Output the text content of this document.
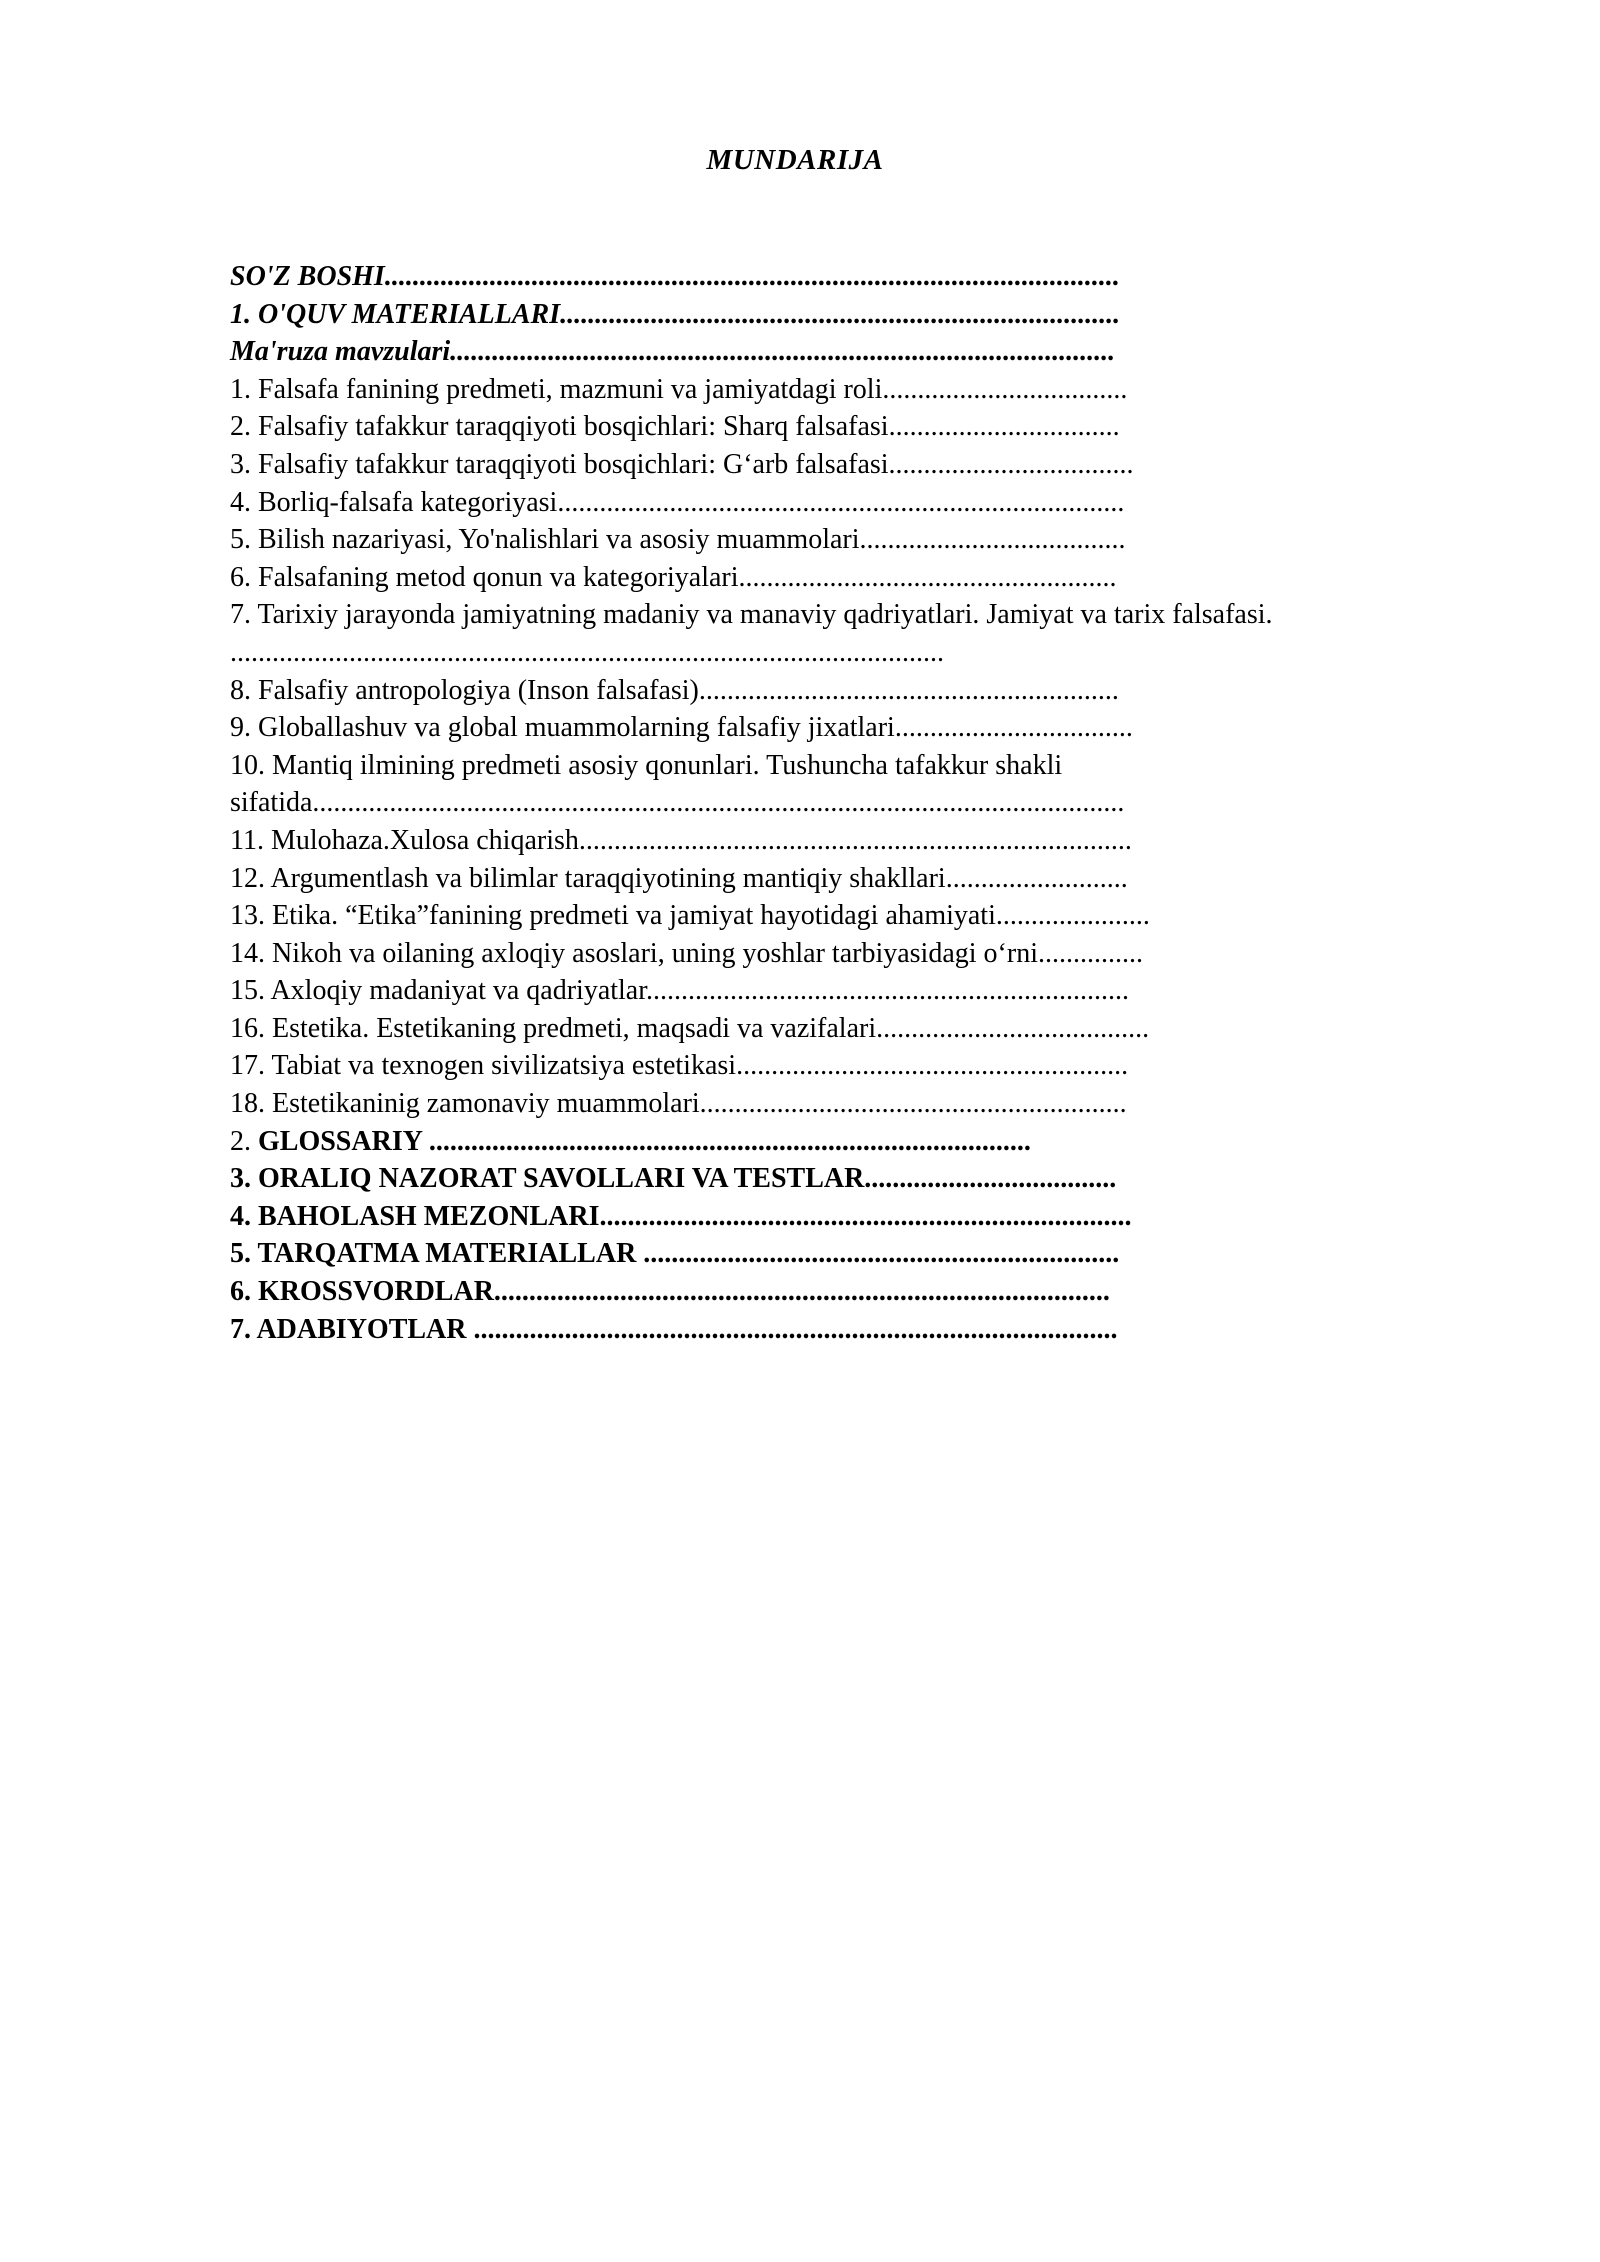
MUNDARIJA
SO'Z BOSHI.........................................................................................................
1. O'QUV MATERIALLARI................................................................................
Ma'ruza mavzulari...............................................................................................
1. Falsafa fanining predmeti, mazmuni va jamiyatdagi roli...................................
2. Falsafiy tafakkur taraqqiyoti bosqichlari: Sharq falsafasi.................................
3. Falsafiy tafakkur taraqqiyoti bosqichlari: G‘arb falsafasi...................................
4. Borliq-falsafa kategoriyasi.................................................................................
5. Bilish nazariyasi, Yo'nalishlari va asosiy muammolari......................................
6. Falsafaning metod qonun va kategoriyalari......................................................
7. Tarixiy jarayonda jamiyatning madaniy va manaviy qadriyatlari. Jamiyat va tarix falsafasi. ......................................................................................................
8. Falsafiy antropologiya (Inson falsafasi)............................................................
9. Globallashuv va global muammolarning falsafiy jixatlari..................................
10. Mantiq ilmining predmeti asosiy qonunlari. Tushuncha tafakkur shakli sifatida....................................................................................................................
11. Mulohaza.Xulosa chiqarish...............................................................................
12. Argumentlash va bilimlar taraqqiyotining mantiqiy shakllari..........................
13. Etika. “Etika”fanining predmeti va jamiyat hayotidagi ahamiyati......................
14. Nikoh va oilaning axloqiy asoslari, uning yoshlar tarbiyasidagi o‘rni...............
15. Axloqiy madaniyat va qadriyatlar.....................................................................
16. Estetika. Estetikaning predmeti, maqsadi va vazifalari.......................................
17. Tabiat va texnogen sivilizatsiya estetikasi........................................................
18. Estetikaninig zamonaviy muammolari.............................................................
2. GLOSSARIY ......................................................................................
3. ORALIQ NAZORAT SAVOLLARI VA TESTLAR....................................
4. BAHOLASH MEZONLARI............................................................................
5. TARQATMA MATERIALLAR ....................................................................
6. KROSSVORDLAR........................................................................................
7. ADABIYOTLAR ............................................................................................
